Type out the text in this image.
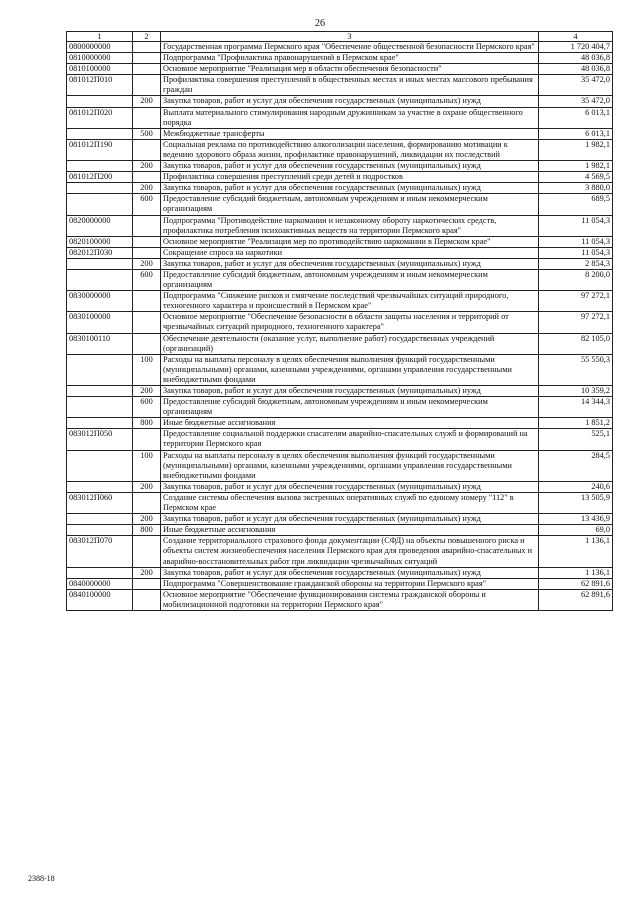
26
1	2	3	4
0800000000		Государственная программа Пермского края "Обеспечение общественной безопасности Пермского края"	1 720 404,7
0810000000		Подпрограмма "Профилактика правонарушений в Пермском крае"	48 036,8
0810100000		Основное мероприятие "Реализация мер в области обеспечения безопасности"	48 036,8
081012П010		Профилактика совершения преступлений в общественных местах и иных местах массового пребывания граждан	35 472,0
	200	Закупка товаров, работ и услуг для обеспечения государственных (муниципальных) нужд	35 472,0
081012П020		Выплата материального стимулирования народным дружинникам за участие в охране общественного порядка	6 013,1
	500	Межбюджетные трансферты	6 013,1
081012П190		Социальная реклама по противодействию алкоголизации населения, формированию мотивации к ведению здорового образа жизни, профилактике правонарушений, ликвидации их последствий	1 982,1
	200	Закупка товаров, работ и услуг для обеспечения государственных (муниципальных) нужд	1 982,1
081012П200		Профилактика совершения преступлений среди детей и подростков	4 569,5
	200	Закупка товаров, работ и услуг для обеспечения государственных (муниципальных) нужд	3 880,0
	600	Предоставление субсидий бюджетным, автономным учреждениям и иным некоммерческим организациям	689,5
0820000000		Подпрограмма "Противодействие наркомании и незаконному обороту наркотических средств, профилактика потребления психоактивных веществ на территории Пермского края"	11 054,3
0820100000		Основное мероприятие "Реализация мер по противодействию наркомании в Пермском крае"	11 054,3
082012П030		Сокращение спроса на наркотики	11 054,3
	200	Закупка товаров, работ и услуг для обеспечения государственных (муниципальных) нужд	2 854,3
	600	Предоставление субсидий бюджетным, автономным учреждениям и иным некоммерческим организациям	8 200,0
0830000000		Подпрограмма "Снижение рисков и смягчение последствий чрезвычайных ситуаций природного, техногенного характера и происшествий в Пермском крае"	97 272,1
0830100000		Основное мероприятие "Обеспечение безопасности в области защиты населения и территорий от чрезвычайных ситуаций природного, техногенного характера"	97 272,1
0830100110		Обеспечение деятельности (оказание услуг, выполнение работ) государственных учреждений (организаций)	82 105,0
	100	Расходы на выплаты персоналу в целях обеспечения выполнения функций государственными (муниципальными) органами, казенными учреждениями, органами управления государственными внебюджетными фондами	55 550,3
	200	Закупка товаров, работ и услуг для обеспечения государственных (муниципальных) нужд	10 359,2
	600	Предоставление субсидий бюджетным, автономным учреждениям и иным некоммерческим организациям	14 344,3
	800	Иные бюджетные ассигнования	1 851,2
083012П050		Предоставление социальной поддержки спасателям аварийно-спасательных служб и формирований на территории Пермского края	525,1
	100	Расходы на выплаты персоналу в целях обеспечения выполнения функций государственными (муниципальными) органами, казенными учреждениями, органами управления государственными внебюджетными фондами	284,5
	200	Закупка товаров, работ и услуг для обеспечения государственных (муниципальных) нужд	240,6
083012П060		Создание системы обеспечения вызова экстренных оперативных служб по единому номеру "112" в Пермском крае	13 505,9
	200	Закупка товаров, работ и услуг для обеспечения государственных (муниципальных) нужд	13 436,9
	800	Иные бюджетные ассигнования	69,0
083012П070		Создание территориального страхового фонда документации (СФД) на объекты повышенного риска и объекты систем жизнеобеспечения населения Пермского края для проведения аварийно-спасательных и аварийно-восстановительных работ при ликвидации чрезвычайных ситуаций	1 136,1
	200	Закупка товаров, работ и услуг для обеспечения государственных (муниципальных) нужд	1 136,1
0840000000		Подпрограмма "Совершенствование гражданской обороны на территории Пермского края"	62 891,6
0840100000		Основное мероприятие "Обеспечение функционирования системы гражданской обороны и мобилизационной подготовки на территории Пермского края"	62 891,6
2388-18
